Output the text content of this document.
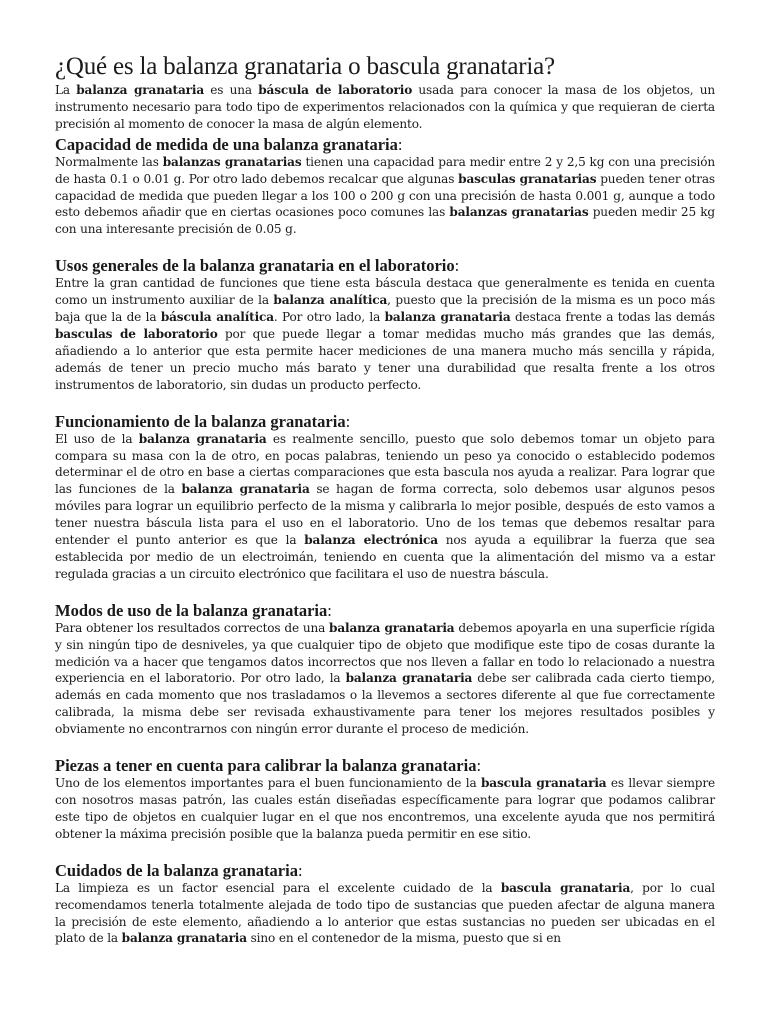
¿Qué es la balanza granataria o bascula granataria?

La balanza granataria es una báscula de laboratorio usada para conocer la masa de los objetos, un instrumento necesario para todo tipo de experimentos relacionados con la química y que requieran de cierta precisión al momento de conocer la masa de algún elemento.

Capacidad de medida de una balanza granataria:

Normalmente las balanzas granatarias tienen una capacidad para medir entre 2 y 2,5 kg con una precisión de hasta 0.1 o 0.01 g. Por otro lado debemos recalcar que algunas basculas granatarias pueden tener otras capacidad de medida que pueden llegar a los 100 o 200 g con una precisión de hasta 0.001 g, aunque a todo esto debemos añadir que en ciertas ocasiones poco comunes las balanzas granatarias pueden medir 25 kg con una interesante precisión de 0.05 g.

Usos generales de la balanza granataria en el laboratorio:

Entre la gran cantidad de funciones que tiene esta báscula destaca que generalmente es tenida en cuenta como un instrumento auxiliar de la balanza analítica, puesto que la precisión de la misma es un poco más baja que la de la báscula analítica. Por otro lado, la balanza granataria destaca frente a todas las demás basculas de laboratorio por que puede llegar a tomar medidas mucho más grandes que las demás, añadiendo a lo anterior que esta permite hacer mediciones de una manera mucho más sencilla y rápida, además de tener un precio mucho más barato y tener una durabilidad que resalta frente a los otros instrumentos de laboratorio, sin dudas un producto perfecto.

Funcionamiento de la balanza granataria:

El uso de la balanza granataria es realmente sencillo, puesto que solo debemos tomar un objeto para compara su masa con la de otro, en pocas palabras, teniendo un peso ya conocido o establecido podemos determinar el de otro en base a ciertas comparaciones que esta bascula nos ayuda a realizar. Para lograr que las funciones de la balanza granataria se hagan de forma correcta, solo debemos usar algunos pesos móviles para lograr un equilibrio perfecto de la misma y calibrarla lo mejor posible, después de esto vamos a tener nuestra báscula lista para el uso en el laboratorio. Uno de los temas que debemos resaltar para entender el punto anterior es que la balanza electrónica nos ayuda a equilibrar la fuerza que sea establecida por medio de un electroimán, teniendo en cuenta que la alimentación del mismo va a estar regulada gracias a un circuito electrónico que facilitara el uso de nuestra báscula.

Modos de uso de la balanza granataria:

Para obtener los resultados correctos de una balanza granataria debemos apoyarla en una superficie rígida y sin ningún tipo de desniveles, ya que cualquier tipo de objeto que modifique este tipo de cosas durante la medición va a hacer que tengamos datos incorrectos que nos lleven a fallar en todo lo relacionado a nuestra experiencia en el laboratorio. Por otro lado, la balanza granataria debe ser calibrada cada cierto tiempo, además en cada momento que nos trasladamos o la llevemos a sectores diferente al que fue correctamente calibrada, la misma debe ser revisada exhaustivamente para tener los mejores resultados posibles y obviamente no encontrarnos con ningún error durante el proceso de medición.

Piezas a tener en cuenta para calibrar la balanza granataria:

Uno de los elementos importantes para el buen funcionamiento de la bascula granataria es llevar siempre con nosotros masas patrón, las cuales están diseñadas específicamente para lograr que podamos calibrar este tipo de objetos en cualquier lugar en el que nos encontremos, una excelente ayuda que nos permitirá obtener la máxima precisión posible que la balanza pueda permitir en ese sitio.

Cuidados de la balanza granataria:

La limpieza es un factor esencial para el excelente cuidado de la bascula granataria, por lo cual recomendamos tenerla totalmente alejada de todo tipo de sustancias que pueden afectar de alguna manera la precisión de este elemento, añadiendo a lo anterior que estas sustancias no pueden ser ubicadas en el plato de la balanza granataria sino en el contenedor de la misma, puesto que si en
